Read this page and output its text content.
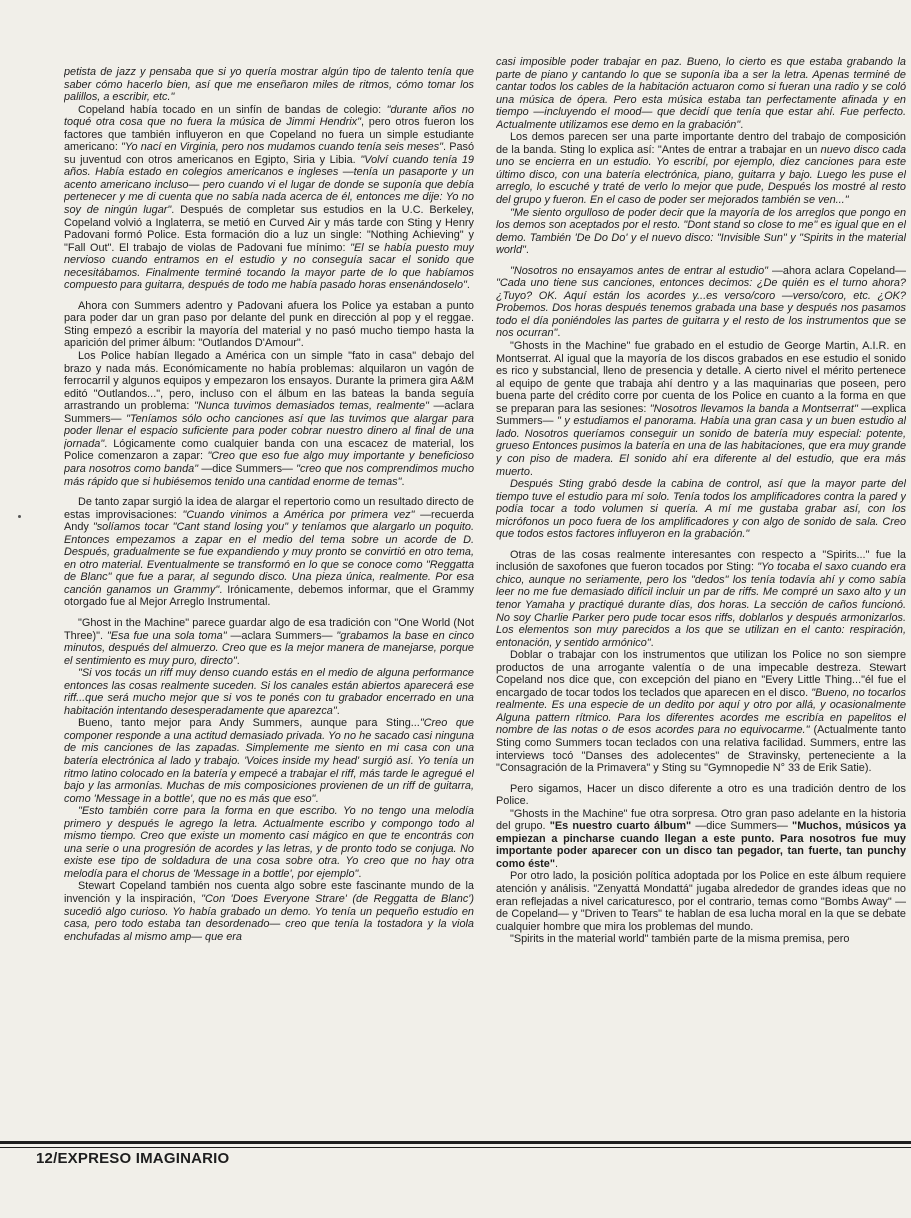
petista de jazz y pensaba que si yo quería mostrar algún tipo de talento tenía que saber cómo hacerlo bien, así que me enseñaron miles de ritmos, cómo tomar los palillos, a escribir, etc."

Copeland había tocado en un sinfín de bandas de colegio: "durante años no toqué otra cosa que no fuera la música de Jimmi Hendrix", pero otros fueron los factores que también influyeron en que Copeland no fuera un simple estudiante americano: "Yo nací en Virginia, pero nos mudamos cuando tenía seis meses". Pasó su juventud con otros americanos en Egipto, Siria y Libia. "Volví cuando tenía 19 años. Había estado en colegios americanos e ingleses —tenía un pasaporte y un acento americano incluso— pero cuando vi el lugar de donde se suponía que debía pertenecer y me di cuenta que no sabía nada acerca de él, entonces me dije: Yo no soy de ningún lugar". Después de completar sus estudios en la U.C. Berkeley, Copeland volvió a Inglaterra, se metió en Curved Air y más tarde con Sting y Henry Padovani formó Police. Esta formación dio a luz un single: "Nothing Achieving" y "Fall Out". El trabajo de violas de Padovani fue mínimo: "El se había puesto muy nervioso cuando entramos en el estudio y no conseguía sacar el sonido que necesitábamos. Finalmente terminé tocando la mayor parte de lo que habíamos compuesto para guitarra, después de todo me había pasado horas ensenándoselo".

Ahora con Summers adentro y Padovani afuera los Police ya estaban a punto para poder dar un gran paso por delante del punk en dirección al pop y el reggae. Sting empezó a escribir la mayoría del material y no pasó mucho tiempo hasta la aparición del primer álbum: "Outlandos D'Amour".

Los Police habían llegado a América con un simple "fato in casa" debajo del brazo y nada más. Económicamente no había problemas: alquilaron un vagón de ferrocarril y algunos equipos y empezaron los ensayos. Durante la primera gira A&M editó "Outlandos...", pero, incluso con el álbum en las bateas la banda seguía arrastrando un problema: "Nunca tuvimos demasiados temas, realmente" —aclara Summers— "Teníamos sólo ocho canciones así que las tuvimos que alargar para poder llenar el espacio suficiente para poder cobrar nuestro dinero al final de una jornada". Lógicamente como cualquier banda con una escacez de material, los Police comenzaron a zapar: "Creo que eso fue algo muy importante y beneficioso para nosotros como banda" —dice Summers— "creo que nos comprendimos mucho más rápido que si hubiésemos tenido una cantidad enorme de temas".

De tanto zapar surgió la idea de alargar el repertorio como un resultado directo de estas improvisaciones: "Cuando vinimos a América por primera vez" —recuerda Andy "solíamos tocar "Cant stand losing you" y teníamos que alargarlo un poquito. Entonces empezamos a zapar en el medio del tema sobre un acorde de D. Después, gradualmente se fue expandiendo y muy pronto se convirtió en otro tema, en otro material. Eventualmente se transformó en lo que se conoce como "Reggatta de Blanc" que fue a parar, al segundo disco. Una pieza única, realmente. Por esa canción ganamos un Grammy". Irónicamente, debemos informar, que el Grammy otorgado fue al Mejor Arreglo Instrumental.

"Ghost in the Machine" parece guardar algo de esa tradición con "One World (Not Three)". "Esa fue una sola toma" —aclara Summers— "grabamos la base en cinco minutos, después del almuerzo. Creo que es la mejor manera de manejarse, porque el sentimiento es muy puro, directo".

"Si vos tocás un riff muy denso cuando estás en el medio de alguna performance entonces las cosas realmente suceden. Si los canales están abiertos aparecerá ese riff...que será mucho mejor que si vos te ponés con tu grabador encerrado en una habitación intentando desesperadamente que aparezca".

Bueno, tanto mejor para Andy Summers, aunque para Sting..."Creo que componer responde a una actitud demasiado privada. Yo no he sacado casi ninguna de mis canciones de las zapadas. Simplemente me siento en mi casa con una batería electrónica al lado y trabajo. 'Voices inside my head' surgió así. Yo tenía un ritmo latino colocado en la batería y empecé a trabajar el riff, más tarde le agregué el bajo y las armonías. Muchas de mis composiciones provienen de un riff de guitarra, como 'Message in a bottle', que no es más que eso".

"Esto también corre para la forma en que escribo. Yo no tengo una melodía primero y después le agrego la letra. Actualmente escribo y compongo todo al mismo tiempo. Creo que existe un momento casi mágico en que te encontrás con una serie o una progresión de acordes y las letras, y de pronto todo se conjuga. No existe ese tipo de soldadura de una cosa sobre otra. Yo creo que no hay otra melodía para el chorus de 'Message in a bottle', por ejemplo".

Stewart Copeland también nos cuenta algo sobre este fascinante mundo de la invención y la inspiración, "Con 'Does Everyone Strare' (de Reggatta de Blanc') sucedió algo curioso. Yo había grabado un demo. Yo tenía un pequeño estudio en casa, pero todo estaba tan desordenado— creo que tenía la tostadora y la viola enchufadas al mismo amp— que era

casi imposible poder trabajar en paz. Bueno, lo cierto es que estaba grabando la parte de piano y cantando lo que se suponía iba a ser la letra. Apenas terminé de cantar todos los cables de la habitación actuaron como si fueran una radio y se coló una música de ópera. Pero esta música estaba tan perfectamente afinada y en tiempo —incluyendo el mood— que decidí que tenía que estar ahí. Fue perfecto. Actualmente utilizamos ese demo en la grabación".

Los demos parecen ser una parte importante dentro del trabajo de composición de la banda. Sting lo explica así: "Antes de entrar a trabajar en un nuevo disco cada uno se encierra en un estudio. Yo escribí, por ejemplo, diez canciones para este último disco, con una batería electrónica, piano, guitarra y bajo. Luego les puse el arreglo, lo escuché y traté de verlo lo mejor que pude, Después los mostré al resto del grupo y fueron. En el caso de poder ser mejorados también se ven..."

"Me siento orgulloso de poder decir que la mayoría de los arreglos que pongo en los demos son aceptados por el resto. "Dont stand so close to me" es igual que en el demo. También 'De Do Do' y el nuevo disco: "Invisible Sun" y "Spirits in the material world".

"Nosotros no ensayamos antes de entrar al estudio" —ahora aclara Copeland— "Cada uno tiene sus canciones, entonces decimos: ¿De quién es el turno ahora? ¿Tuyo? OK. Aquí están los acordes y...es verso/coro —verso/coro, etc. ¿OK? Probemos. Dos horas después tenemos grabada una base y después nos pasamos todo el día poniéndoles las partes de guitarra y el resto de los instrumentos que se nos ocurran".

"Ghosts in the Machine" fue grabado en el estudio de George Martin, A.I.R. en Montserrat. Al igual que la mayoría de los discos grabados en ese estudio el sonido es rico y substancial, lleno de presencia y detalle. A cierto nivel el mérito pertenece al equipo de gente que trabaja ahí dentro y a las maquinarias que poseen, pero buena parte del crédito corre por cuenta de los Police en cuanto a la forma en que se preparan para las sesiones: "Nosotros llevamos la banda a Montserrat" —explica Summers— " y estudiamos el panorama. Había una gran casa y un buen estudio al lado. Nosotros queríamos conseguir un sonido de batería muy especial: potente, grueso Entonces pusimos la batería en una de las habitaciones, que era muy grande y con piso de madera. El sonido ahí era diferente al del estudio, que era más muerto.

Después Sting grabó desde la cabina de control, así que la mayor parte del tiempo tuve el estudio para mí solo. Tenía todos los amplificadores contra la pared y podía tocar a todo volumen si quería. A mí me gustaba grabar así, con los micrófonos un poco fuera de los amplificadores y con algo de sonido de sala. Creo que todos estos factores influyeron en la grabación."

Otras de las cosas realmente interesantes con respecto a "Spirits..." fue la inclusión de saxofones que fueron tocados por Sting: "Yo tocaba el saxo cuando era chico, aunque no seriamente, pero los "dedos" los tenía todavía ahí y como sabía leer no me fue demasiado difícil incluir un par de riffs. Me compré un saxo alto y un tenor Yamaha y practiqué durante días, dos horas. La sección de caños funcionó. No soy Charlie Parker pero pude tocar esos riffs, doblarlos y después armonizarlos. Los elementos son muy parecidos a los que se utilizan en el canto: respiración, entonación, y sentido armónico".

Doblar o trabajar con los instrumentos que utilizan los Police no son siempre productos de una arrogante valentía o de una impecable destreza. Stewart Copeland nos dice que, con excepción del piano en "Every Little Thing..."él fue el encargado de tocar todos los teclados que aparecen en el disco. "Bueno, no tocarlos realmente. Es una especie de un dedito por aquí y otro por allá, y ocasionalmente Alguna pattern rítmico. Para los diferentes acordes me escribía en papelitos el nombre de las notas o de esos acordes para no equivocarme." (Actualmente tanto Sting como Summers tocan teclados con una relativa facilidad. Summers, entre las interviews tocó "Danses des adolecentes" de Stravinsky, perteneciente a la "Consagración de la Primavera" y Sting su "Gymnopedie N° 33 de Erik Satie).

Pero sigamos, Hacer un disco diferente a otro es una tradición dentro de los Police.

"Ghosts in the Machine" fue otra sorpresa. Otro gran paso adelante en la historia del grupo. "Es nuestro cuarto álbum" —dice Summers— "Muchos, músicos ya empiezan a pincharse cuando llegan a este punto. Para nosotros fue muy importante poder aparecer con un disco tan pegador, tan fuerte, tan punchy como éste".

Por otro lado, la posición política adoptada por los Police en este álbum requiere atención y análisis. "Zenyattá Mondattá" jugaba alrededor de grandes ideas que no eran reflejadas a nivel caricaturesco, por el contrario, temas como "Bombs Away" —de Copeland— y "Driven to Tears" te hablan de esa lucha moral en la que se debate cualquier hombre que mira los problemas del mundo.

"Spirits in the material world" también parte de la misma premisa, pero

12/EXPRESO IMAGINARIO
